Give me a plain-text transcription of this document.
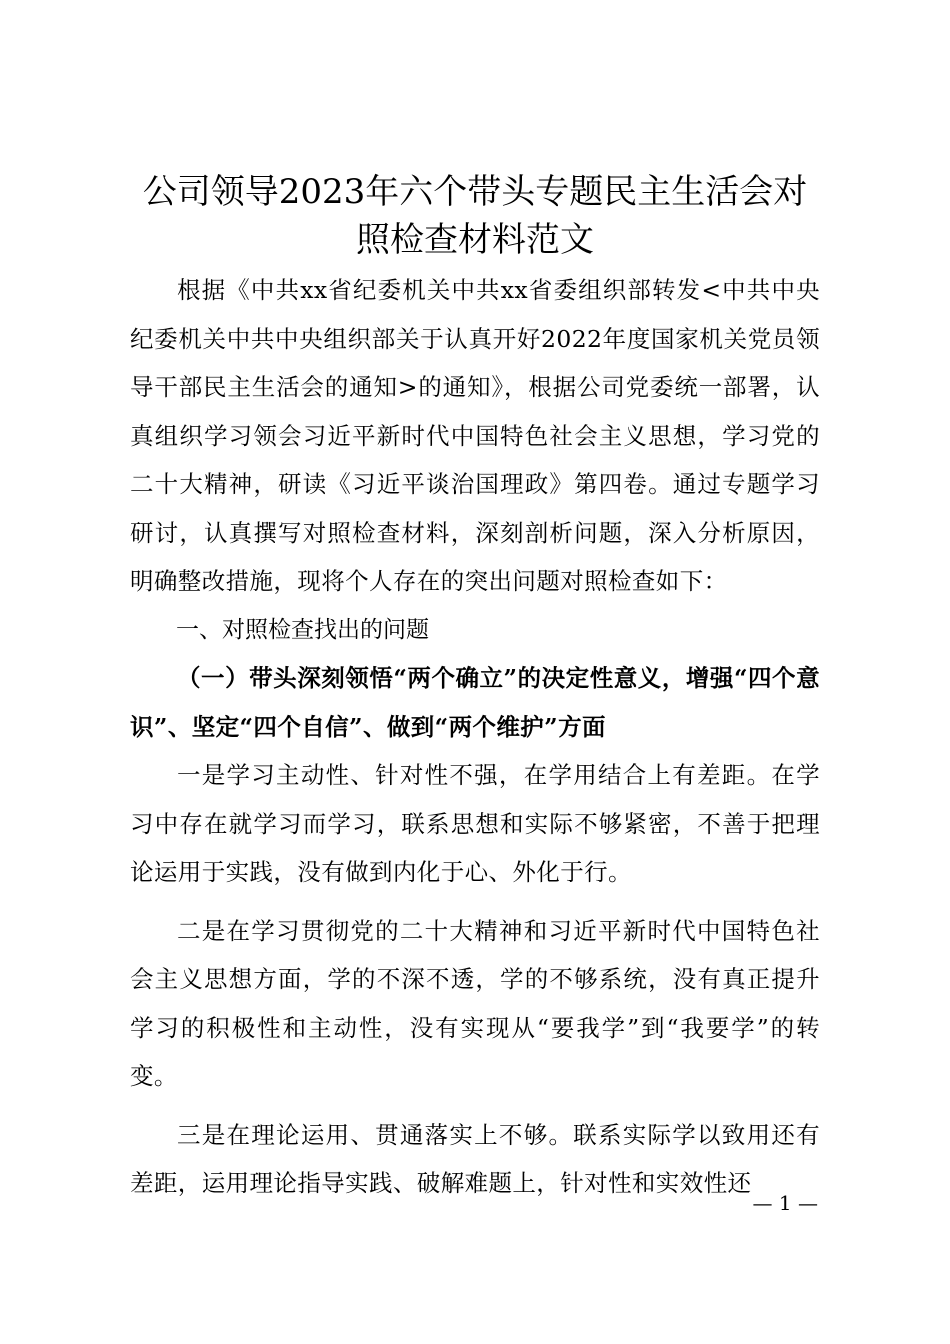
公司领导2023年六个带头专题民主生活会对
照检查材料范文

根据《中共xx省纪委机关中共xx省委组织部转发<中共中央纪委机关中共中央组织部关于认真开好2022年度国家机关党员领导干部民主生活会的通知>的通知》，根据公司党委统一部署，认真组织学习领会习近平新时代中国特色社会主义思想，学习党的二十大精神，研读《习近平谈治国理政》第四卷。通过专题学习研讨，认真撰写对照检查材料，深刻剖析问题，深入分析原因，明确整改措施，现将个人存在的突出问题对照检查如下：

一、对照检查找出的问题

（一）带头深刻领悟“两个确立”的决定性意义，增强“四个意识”、坚定“四个自信”、做到“两个维护”方面

一是学习主动性、针对性不强，在学用结合上有差距。在学习中存在就学习而学习，联系思想和实际不够紧密，不善于把理论运用于实践，没有做到内化于心、外化于行。

二是在学习贯彻党的二十大精神和习近平新时代中国特色社会主义思想方面，学的不深不透，学的不够系统，没有真正提升学习的积极性和主动性，没有实现从“要我学”到“我要学”的转变。

三是在理论运用、贯通落实上不够。联系实际学以致用还有差距，运用理论指导实践、破解难题上，针对性和实效性还

— 1 —
